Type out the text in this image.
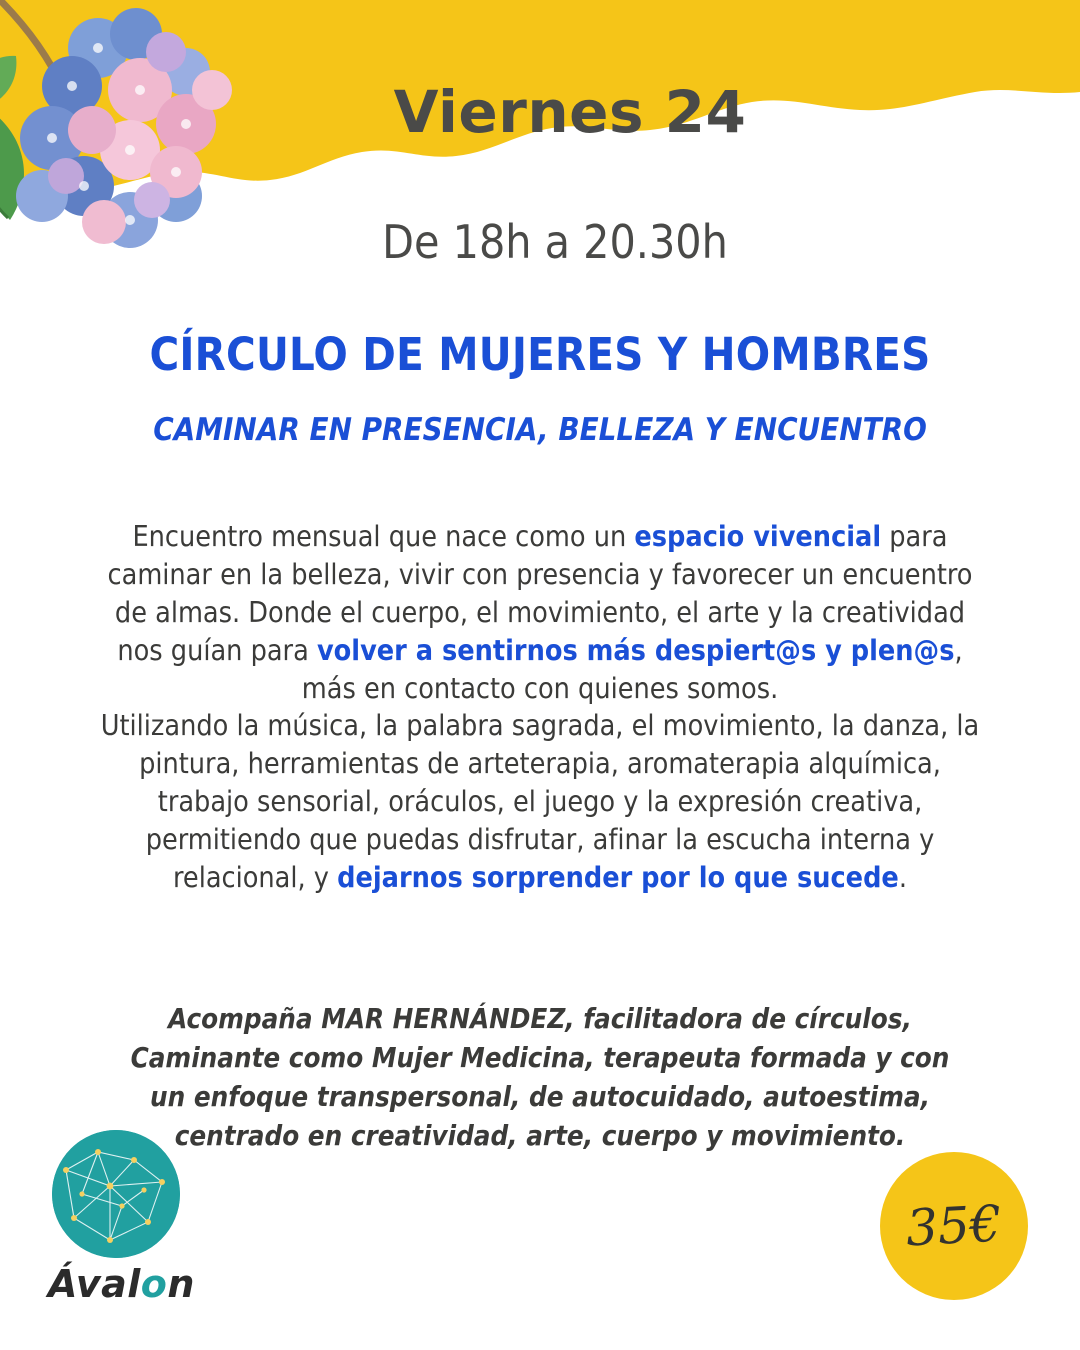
Viernes 24
De 18h a 20.30h
CÍRCULO DE MUJERES Y HOMBRES
CAMINAR EN PRESENCIA, BELLEZA Y ENCUENTRO
Encuentro mensual que nace como un espacio vivencial para caminar en la belleza, vivir con presencia y favorecer un encuentro de almas. Donde el cuerpo, el movimiento, el arte y la creatividad nos guían para volver a sentirnos más despiert@s y plen@s, más en contacto con quienes somos.
Utilizando la música, la palabra sagrada, el movimiento, la danza, la pintura, herramientas de arteterapia, aromaterapia alquímica, trabajo sensorial, oráculos, el juego y la expresión creativa, permitiendo que puedas disfrutar, afinar la escucha interna y relacional, y dejarnos sorprender por lo que sucede.
Acompaña MAR HERNÁNDEZ, facilitadora de círculos, Caminante como Mujer Medicina, terapeuta formada y con un enfoque transpersonal, de autocuidado, autoestima, centrado en creatividad, arte, cuerpo y movimiento.
Ávalon
35€
